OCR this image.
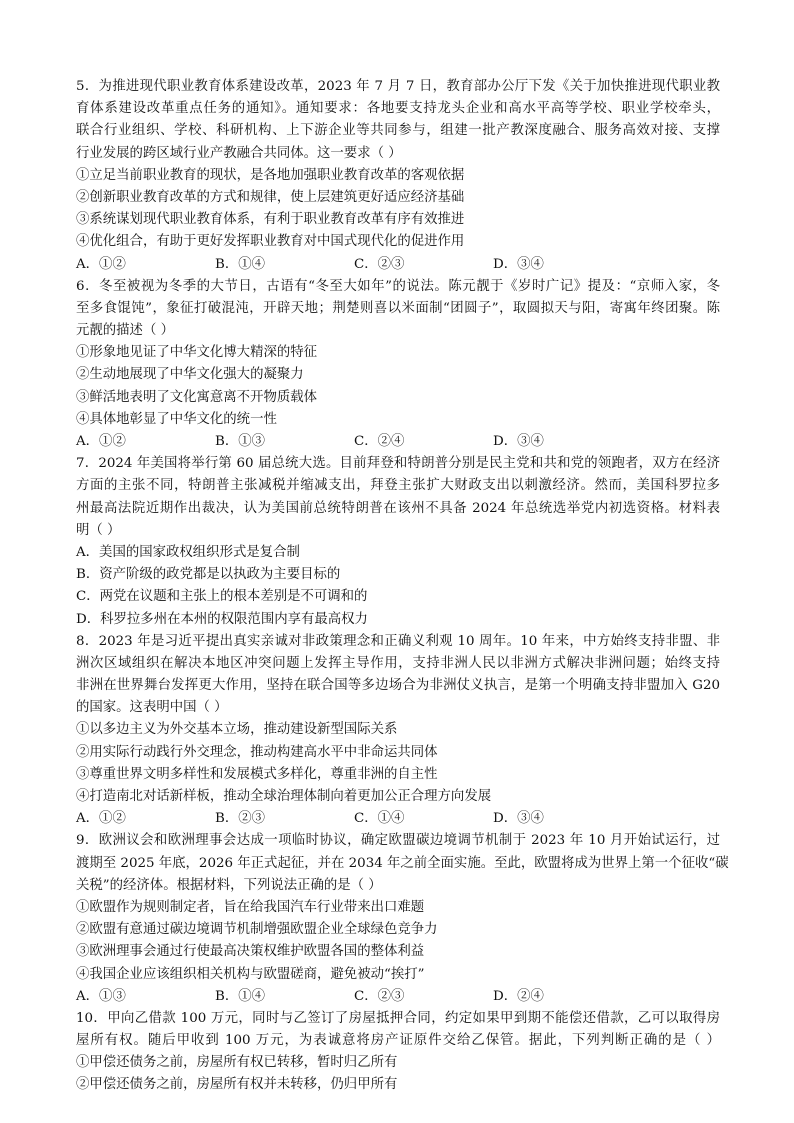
5．为推进现代职业教育体系建设改革，2023 年 7 月 7 日，教育部办公厅下发《关于加快推进现代职业教
育体系建设改革重点任务的通知》。通知要求：各地要支持龙头企业和高水平高等学校、职业学校牵头，
联合行业组织、学校、科研机构、上下游企业等共同参与，组建一批产教深度融合、服务高效对接、支撑
行业发展的跨区域行业产教融合共同体。这一要求（ ）
①立足当前职业教育的现状，是各地加强职业教育改革的客观依据
②创新职业教育改革的方式和规律，使上层建筑更好适应经济基础
③系统谋划现代职业教育体系，有利于职业教育改革有序有效推进
④优化组合，有助于更好发挥职业教育对中国式现代化的促进作用
A．①②	B．①④	C．②③	D．③④
6．冬至被视为冬季的大节日，古语有“冬至大如年”的说法。陈元靓于《岁时广记》提及：“京师入家，冬
至多食馄饨”，象征打破混沌，开辟天地；荆楚则喜以米面制“团圆子”，取圆拟天与阳，寄寓年终团聚。陈
元靓的描述（ ）
①形象地见证了中华文化博大精深的特征
②生动地展现了中华文化强大的凝聚力
③鲜活地表明了文化寓意离不开物质载体
④具体地彰显了中华文化的统一性
A．①②	B．①③	C．②④	D．③④
7．2024 年美国将举行第 60 届总统大选。目前拜登和特朗普分别是民主党和共和党的领跑者，双方在经济
方面的主张不同，特朗普主张减税并缩减支出，拜登主张扩大财政支出以刺激经济。然而，美国科罗拉多
州最高法院近期作出裁决，认为美国前总统特朗普在该州不具备 2024 年总统选举党内初选资格。材料表
明（ ）
A．美国的国家政权组织形式是复合制
B．资产阶级的政党都是以执政为主要目标的
C．两党在议题和主张上的根本差别是不可调和的
D．科罗拉多州在本州的权限范围内享有最高权力
8．2023 年是习近平提出真实亲诚对非政策理念和正确义利观 10 周年。10 年来，中方始终支持非盟、非
洲次区域组织在解决本地区冲突问题上发挥主导作用，支持非洲人民以非洲方式解决非洲问题；始终支持
非洲在世界舞台发挥更大作用，坚持在联合国等多边场合为非洲仗义执言，是第一个明确支持非盟加入 G20
的国家。这表明中国（ ）
①以多边主义为外交基本立场，推动建设新型国际关系
②用实际行动践行外交理念，推动构建高水平中非命运共同体
③尊重世界文明多样性和发展模式多样化，尊重非洲的自主性
④打造南北对话新样板，推动全球治理体制向着更加公正合理方向发展
A．①②	B．②③	C．①④	D．③④
9．欧洲议会和欧洲理事会达成一项临时协议，确定欧盟碳边境调节机制于 2023 年 10 月开始试运行，过
渡期至 2025 年底，2026 年正式起征，并在 2034 年之前全面实施。至此，欧盟将成为世界上第一个征收“碳
关税”的经济体。根据材料，下列说法正确的是（ ）
①欧盟作为规则制定者，旨在给我国汽车行业带来出口难题
②欧盟有意通过碳边境调节机制增强欧盟企业全球绿色竞争力
③欧洲理事会通过行使最高决策权维护欧盟各国的整体利益
④我国企业应该组织相关机构与欧盟磋商，避免被动“挨打”
A．①③	B．①④	C．②③	D．②④
10．甲向乙借款 100 万元，同时与乙签订了房屋抵押合同，约定如果甲到期不能偿还借款，乙可以取得房
屋所有权。随后甲收到 100 万元，为表诚意将房产证原件交给乙保管。据此，下列判断正确的是（ ）
①甲偿还债务之前，房屋所有权已转移，暂时归乙所有
②甲偿还债务之前，房屋所有权并未转移，仍归甲所有
